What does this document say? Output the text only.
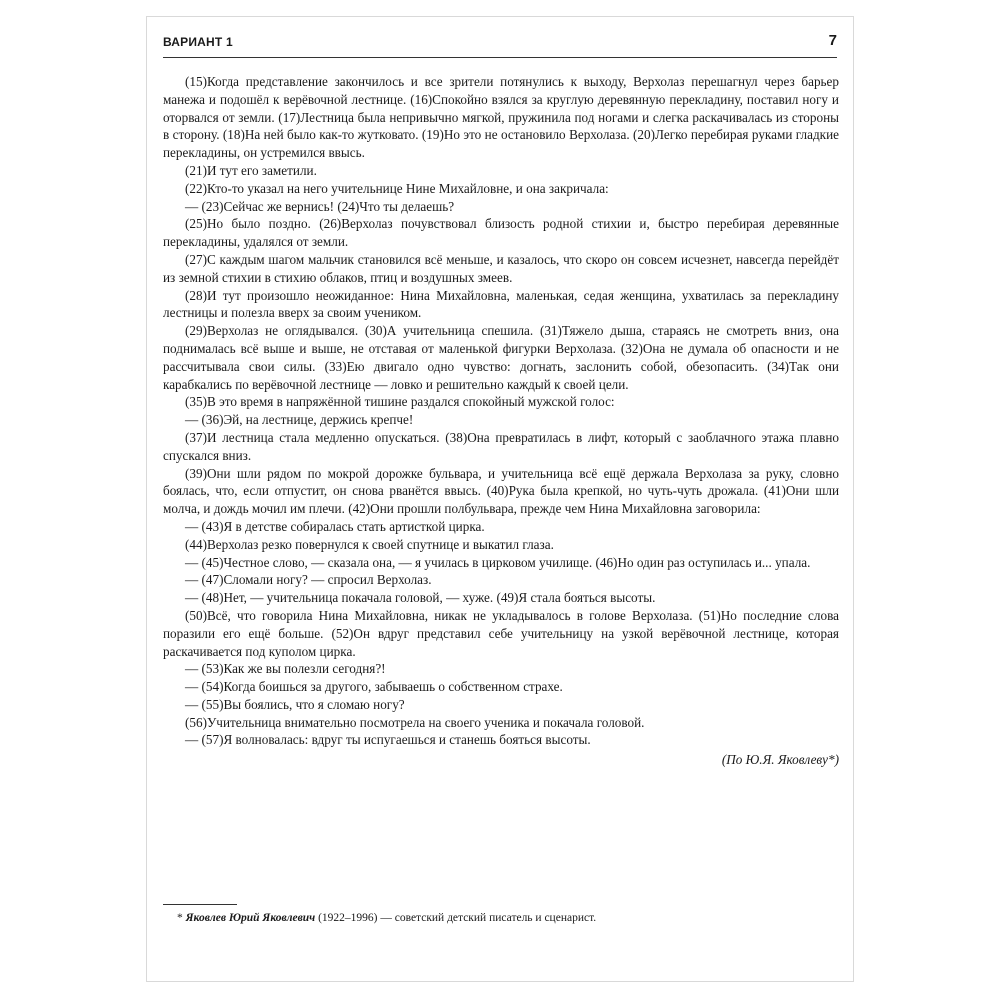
ВАРИАНТ 1	7

(15)Когда представление закончилось и все зрители потянулись к выходу, Верхолаз перешагнул через барьер манежа и подошёл к верёвочной лестнице. (16)Спокойно взялся за круглую деревянную перекладину, поставил ногу и оторвался от земли. (17)Лестница была непривычно мягкой, пружинила под ногами и слегка раскачивалась из стороны в сторону. (18)На ней было как-то жутковато. (19)Но это не остановило Верхолаза. (20)Легко перебирая руками гладкие перекладины, он устремился ввысь.

(21)И тут его заметили.

(22)Кто-то указал на него учительнице Нине Михайловне, и она закричала:

— (23)Сейчас же вернись! (24)Что ты делаешь?

(25)Но было поздно. (26)Верхолаз почувствовал близость родной стихии и, быстро перебирая деревянные перекладины, удалялся от земли.

(27)С каждым шагом мальчик становился всё меньше, и казалось, что скоро он совсем исчезнет, навсегда перейдёт из земной стихии в стихию облаков, птиц и воздушных змеев.

(28)И тут произошло неожиданное: Нина Михайловна, маленькая, седая женщина, ухватилась за перекладину лестницы и полезла вверх за своим учеником.

(29)Верхолаз не оглядывался. (30)А учительница спешила. (31)Тяжело дыша, стараясь не смотреть вниз, она поднималась всё выше и выше, не отставая от маленькой фигурки Верхолаза. (32)Она не думала об опасности и не рассчитывала свои силы. (33)Ею двигало одно чувство: догнать, заслонить собой, обезопасить. (34)Так они карабкались по верёвочной лестнице — ловко и решительно каждый к своей цели.

(35)В это время в напряжённой тишине раздался спокойный мужской голос:

— (36)Эй, на лестнице, держись крепче!

(37)И лестница стала медленно опускаться. (38)Она превратилась в лифт, который с заоблачного этажа плавно спускался вниз.

(39)Они шли рядом по мокрой дорожке бульвара, и учительница всё ещё держала Верхолаза за руку, словно боялась, что, если отпустит, он снова рванётся ввысь. (40)Рука была крепкой, но чуть-чуть дрожала. (41)Они шли молча, и дождь мочил им плечи. (42)Они прошли полбульвара, прежде чем Нина Михайловна заговорила:

— (43)Я в детстве собиралась стать артисткой цирка.

(44)Верхолаз резко повернулся к своей спутнице и выкатил глаза.

— (45)Честное слово, — сказала она, — я училась в цирковом училище. (46)Но один раз оступилась и... упала.

— (47)Сломали ногу? — спросил Верхолаз.

— (48)Нет, — учительница покачала головой, — хуже. (49)Я стала бояться высоты.

(50)Всё, что говорила Нина Михайловна, никак не укладывалось в голове Верхолаза. (51)Но последние слова поразили его ещё больше. (52)Он вдруг представил себе учительницу на узкой верёвочной лестнице, которая раскачивается под куполом цирка.

— (53)Как же вы полезли сегодня?!

— (54)Когда боишься за другого, забываешь о собственном страхе.

— (55)Вы боялись, что я сломаю ногу?

(56)Учительница внимательно посмотрела на своего ученика и покачала головой.

— (57)Я волновалась: вдруг ты испугаешься и станешь бояться высоты.

(По Ю.Я. Яковлеву*)
* Яковлев Юрий Яковлевич (1922–1996) — советский детский писатель и сценарист.
